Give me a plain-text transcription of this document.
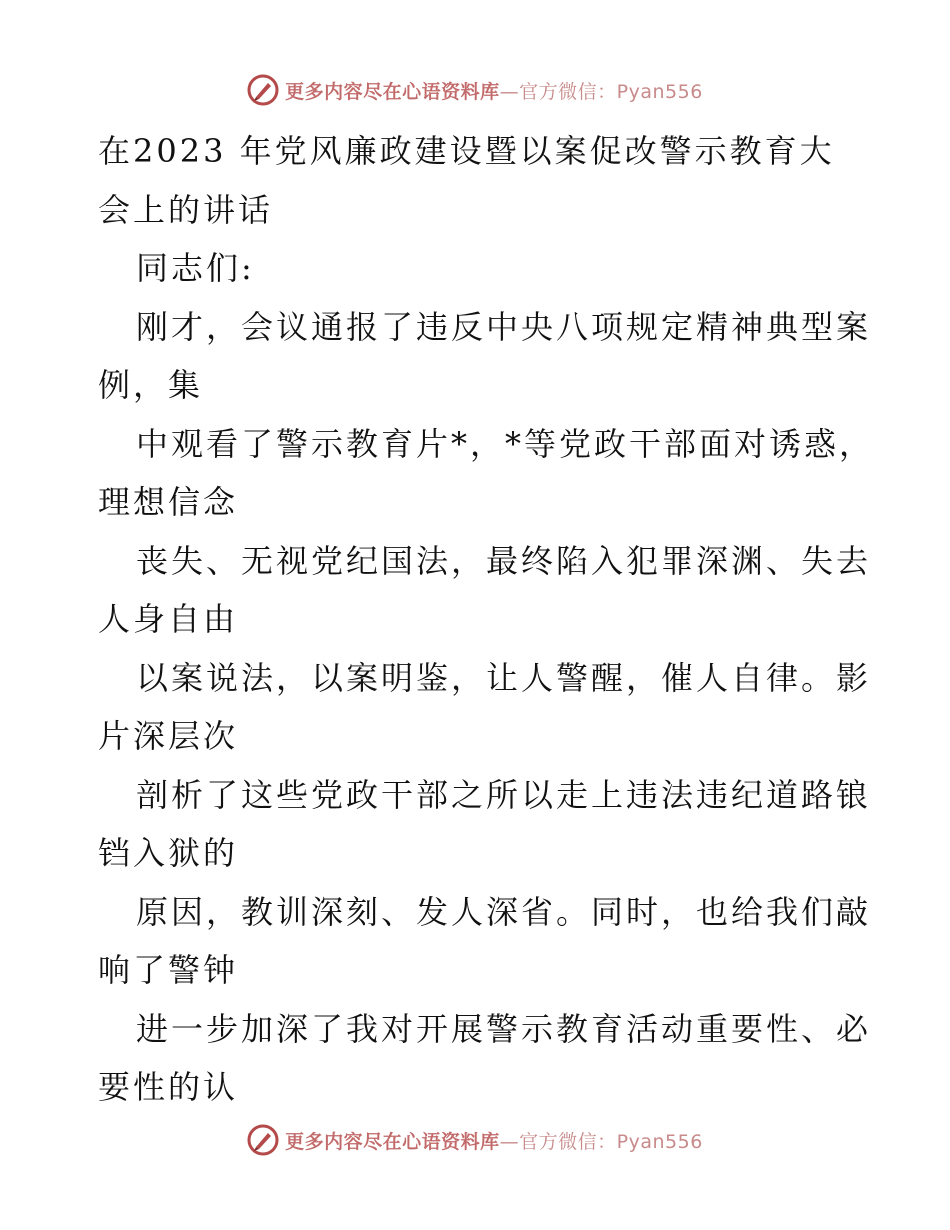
更多内容尽在心语资料库—官方微信：Pyan556
在2023 年党风廉政建设暨以案促改警示教育大
会上的讲话
同志们:
刚才，会议通报了违反中央八项规定精神典型案
例，集
中观看了警示教育片*，*等党政干部面对诱惑，
理想信念
丧失、无视党纪国法，最终陷入犯罪深渊、失去
人身自由
以案说法，以案明鉴，让人警醒，催人自律。影
片深层次
剖析了这些党政干部之所以走上违法违纪道路锒
铛入狱的
原因，教训深刻、发人深省。同时，也给我们敲
响了警钟
进一步加深了我对开展警示教育活动重要性、必
要性的认
更多内容尽在心语资料库—官方微信：Pyan556
